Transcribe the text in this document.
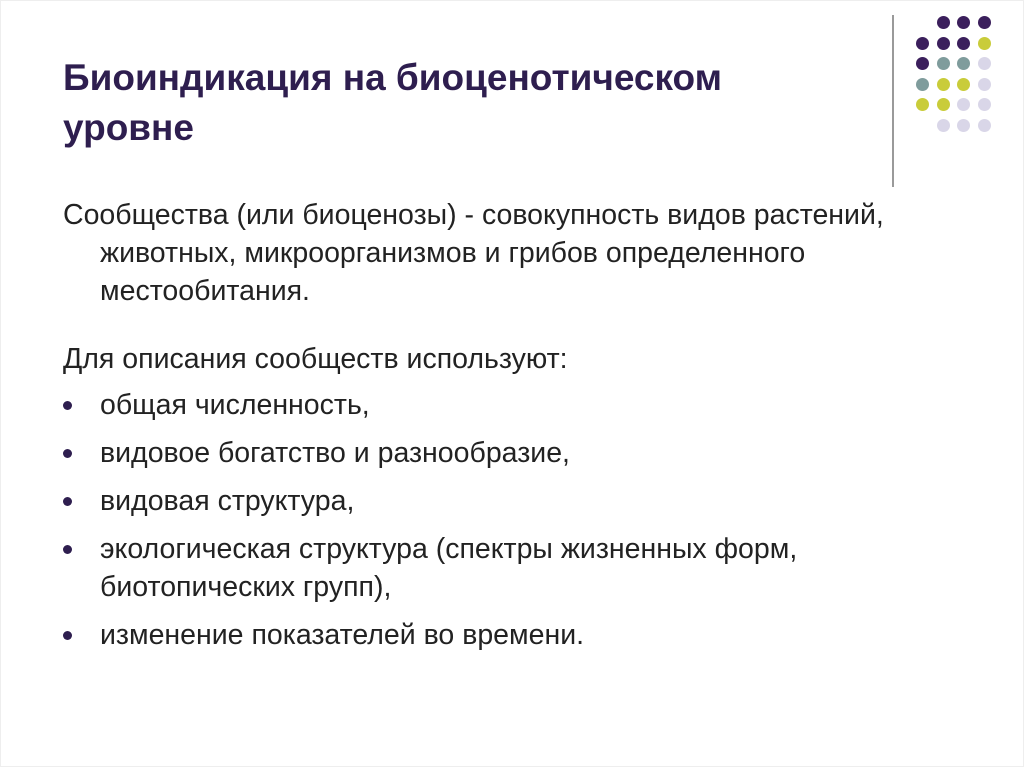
Биоиндикация на биоценотическом уровне

Сообщества (или биоценозы) - совокупность видов растений, животных, микроорганизмов и грибов определенного местообитания.

Для описания сообществ используют:

общая численность,
видовое богатство и разнообразие,
видовая структура,
экологическая структура (спектры жизненных форм, биотопических групп),
изменение показателей во времени.
